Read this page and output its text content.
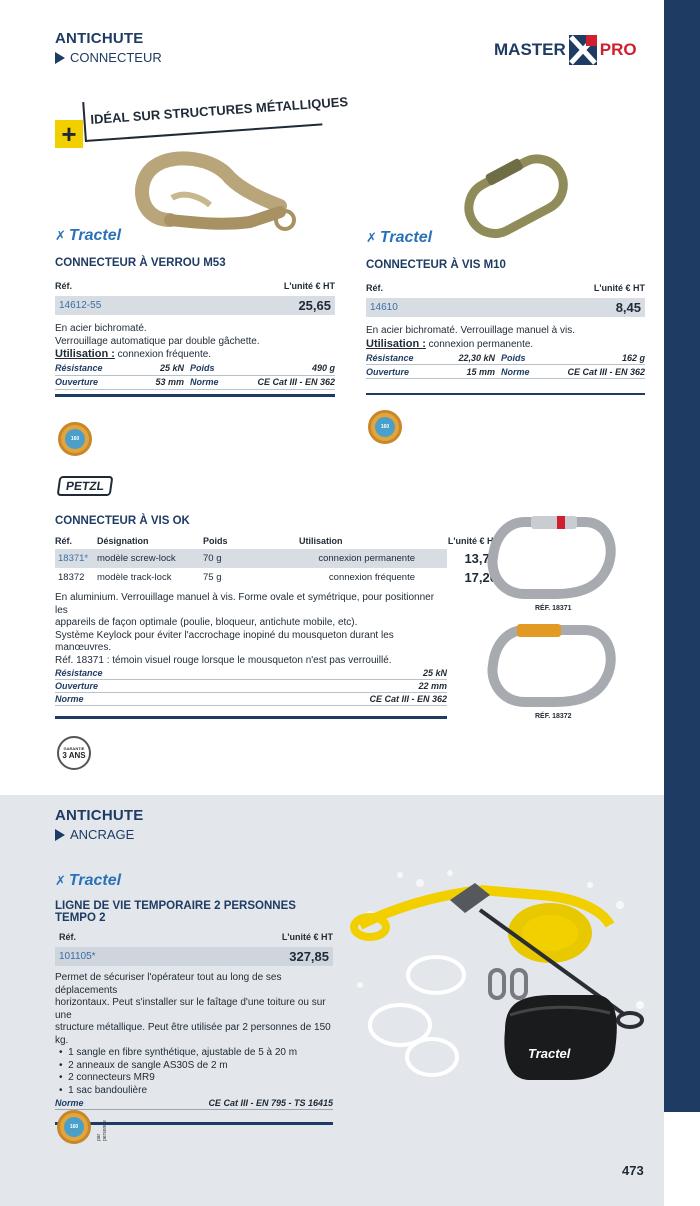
ANTICHUTE
CONNECTEUR	MASTER PRO
+
IDÉAL SUR STRUCTURES MÉTALLIQUES
✗ Tractel
CONNECTEUR À VERROU M53
Réf.	L'unité € HT
14612-55	25,65
En acier bichromaté.
Verrouillage automatique par double gâchette.
Utilisation : connexion fréquente.
Résistance	25 kN Poids	490 g
Ouverture	53 mm Norme	CE Cat III - EN 362
160
✗ Tractel
CONNECTEUR À VIS M10
Réf.	L'unité € HT
14610	8,45
En acier bichromaté. Verrouillage manuel à vis.
Utilisation : connexion permanente.
Résistance	22,30 kN Poids	162 g
Ouverture	15 mm Norme	CE Cat III - EN 362
160
PETZL
CONNECTEUR À VIS OK
Réf.	Désignation	Poids	Utilisation	L'unité € HT
18371* modèle screw-lock	70 g	connexion permanente	13,70
18372	modèle track-lock	75 g	connexion fréquente	17,20
En aluminium. Verrouillage manuel à vis. Forme ovale et symétrique, pour positionner les
appareils de façon optimale (poulie, bloqueur, antichute mobile, etc).
Système Keylock pour éviter l'accrochage inopiné du mousqueton durant les manœuvres.
Réf. 18371 : témoin visuel rouge lorsque le mousqueton n'est pas verrouillé.
Résistance	25 kN
Ouverture	22 mm
Norme	CE Cat III - EN 362
GARANTIE
3 ANS
RÉF. 18371
RÉF. 18372
ANTICHUTE
ANCRAGE
✗ Tractel
LIGNE DE VIE TEMPORAIRE 2 PERSONNES TEMPO 2
Réf.	L'unité € HT
101105*	327,85
Permet de sécuriser l'opérateur tout au long de ses déplacements
horizontaux. Peut s'installer sur le faîtage d'une toiture ou sur une
structure métallique. Peut être utilisée par 2 personnes de 150 kg.
•  1 sangle en fibre synthétique, ajustable de 5 à 20 m
•  2 anneaux de sangle AS30S de 2 m
•  2 connecteurs MR9
•  1 sac bandoulière
Norme	CE Cat III - EN 795 - TS 16415
160
par personne
Tractel
473
